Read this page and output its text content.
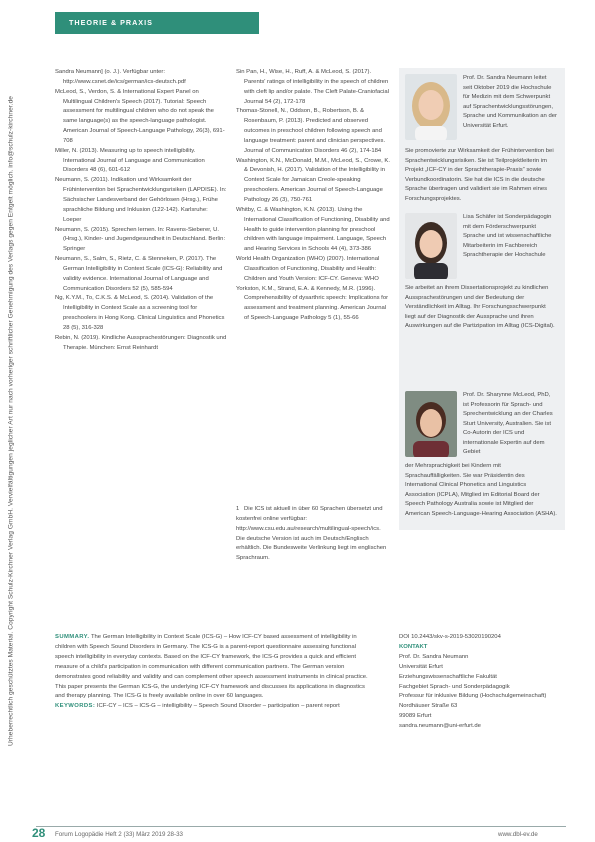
Urheberrechtlich geschütztes Material. Copyright Schulz-Kirchner Verlag GmbH. Vervielfältigungen jeglicher Art nur nach vorheriger schriftlicher Genehmigung des Verlags gegen Entgelt möglich. info@schulz-kirchner.de
THEORIE & PRAXIS

Sandra Neumann] (o. J.). Verfügbar unter: http://www.csnet.de/ics/german/ics-deutsch.pdf

McLeod, S., Verdon, S. & International Expert Panel on Multilingual Children's Speech (2017). Tutorial: Speech assessment for multilingual children who do not speak the same language(s) as the speech-language pathologist. American Journal of Speech-Language Pathology, 26(3), 691-708

Miller, N. (2013). Measuring up to speech intelligibility. International Journal of Language and Communication Disorders 48 (6), 601-612

Neumann, S. (2011). Indikation und Wirksamkeit der Frühintervention bei Sprachentwicklungsrisiken (LAPDISE). In: Sächsischer Landesverband der Gehörlosen (Hrsg.), Frühe sprachliche Bildung und Inklusion (122-142). Karlsruhe: Loeper

Neumann, S. (2015). Sprechen lernen. In: Ravens-Sieberer, U. (Hrsg.), Kinder- und Jugendgesundheit in Deutschland. Berlin: Springer

Neumann, S., Salm, S., Rietz, C. & Stenneken, P. (2017). The German Intelligibility in Context Scale (ICS-G): Reliability and validity evidence. International Journal of Language and Communication Disorders 52 (5), 585-594

Ng, K.Y.M., To, C.K.S. & McLeod, S. (2014). Validation of the Intelligibility in Context Scale as a screening tool for preschoolers in Hong Kong. Clinical Linguistics and Phonetics 28 (5), 316-328

Rebin, N. (2019). Kindliche Aussprachestörungen: Diagnostik und Therapie. München: Ernst Reinhardt

Sin Pan, H., Wise, H., Ruff, A. & McLeod, S. (2017). Parents' ratings of intelligibility in the speech of children with cleft lip and/or palate. The Cleft Palate-Craniofacial Journal 54 (2), 172-178

Thomas-Stonell, N., Oddson, B., Robertson, B. & Rosenbaum, P. (2013). Predicted and observed outcomes in preschool children following speech and language treatment: parent and clinician perspectives. Journal of Communication Disorders 46 (2), 174-184

Washington, K.N., McDonald, M.M., McLeod, S., Crowe, K. & Devonish, H. (2017). Validation of the Intelligibility in Context Scale for Jamaican Creole-speaking preschoolers. American Journal of Speech-Language Pathology 26 (3), 750-761

Whitby, C. & Washington, K.N. (2013). Using the International Classification of Functioning, Disability and Health to guide intervention planning for preschool children with language impairment. Language, Speech and Hearing Services in Schools 44 (4), 373-386

World Health Organization (WHO) (2007). International Classification of Functioning, Disability and Health: Children and Youth Version: ICF-CY. Geneva: WHO

Yorkston, K.M., Strand, E.A. & Kennedy, M.R. (1996). Comprehensibility of dysarthric speech: Implications for assessment and treatment planning. American Journal of Speech-Language Pathology 5 (1), 55-66

1 Die ICS ist aktuell in über 60 Sprachen übersetzt und kostenfrei online verfügbar: http://www.csu.edu.au/research/multilingual-speech/ics. Die deutsche Version ist auch im Deutsch/Englisch erhältlich. Die Bundesweite Verlinkung liegt im englischen Sprachraum.
Prof. Dr. Sandra Neumann leitet seit Oktober 2019 die Hochschule für Medizin mit dem Schwerpunkt auf Sprachentwicklungsstörungen, Sprache und Kommunikation an der Universität Erfurt.
Sie promovierte zur Wirksamkeit der Frühintervention bei Sprachentwicklungsrisiken. Sie ist Teilprojektleiterin im Projekt „ICF-CY in der Sprachtherapie-Praxis“ sowie Verbundkoordinatorin. Sie hat die ICS in die deutsche Sprache übertragen und validiert sie im Rahmen eines Forschungsprojektes.
Lisa Schäfer ist Sonderpädagogin mit dem Förderschwerpunkt Sprache und ist wissenschaftliche Mitarbeiterin im Fachbereich Sprachtherapie der Hochschule
Sie arbeitet an ihrem Dissertationsprojekt zu kindlichen Aussprachestörungen und der Bedeutung der Verständlichkeit im Alltag. Ihr Forschungsschwerpunkt liegt auf der Diagnostik der Aussprache und ihren Auswirkungen auf die Partizipation im Alltag (ICS-Digital).
Prof. Dr. Sharynne McLeod, PhD, ist Professorin für Sprach- und Sprechentwicklung an der Charles Sturt University, Australien. Sie ist Co-Autorin der ICS und internationale Expertin auf dem Gebiet
der Mehrsprachigkeit bei Kindern mit Sprachauffälligkeiten. Sie war Präsidentin des International Clinical Phonetics and Linguistics Association (ICPLA), Mitglied im Editorial Board der Speech Pathology Australia sowie ist Mitglied der American Speech-Language-Hearing Association (ASHA).
SUMMARY. The German Intelligibility in Context Scale (ICS-G) – How ICF-CY based assessment of intelligibility in children with Speech Sound Disorders in Germany. The ICS-G is a parent-report questionnaire assessing functional speech intelligibility in everyday contexts. Based on the ICF-CY framework, the ICS-G provides a quick and efficient measure of a child's participation in communication with different communication partners. The German version demonstrates good reliability and validity and can complement other speech assessment instruments in clinical practice. This paper presents the German ICS-G, the underlying ICF-CY framework and discusses its applications in diagnostics and therapy planning. The ICS-G is freely available online in over 60 languages.
KEYWORDS: ICF-CY – ICS – ICS-G – intelligibility – Speech Sound Disorder – participation – parent report
DOI 10.2443/skv-s-2019-53020190204
KONTAKT
Prof. Dr. Sandra Neumann
Universität Erfurt
Erziehungswissenschaftliche Fakultät
Fachgebiet Sprach- und Sonderpädagogik
Professur für inklusive Bildung (Hochschulgemeinschaft)
Nordhäuser Straße 63
99089 Erfurt
sandra.neumann@uni-erfurt.de
28 Forum Logopädie Heft 2 (33) März 2019 28-33	www.dbl-ev.de
